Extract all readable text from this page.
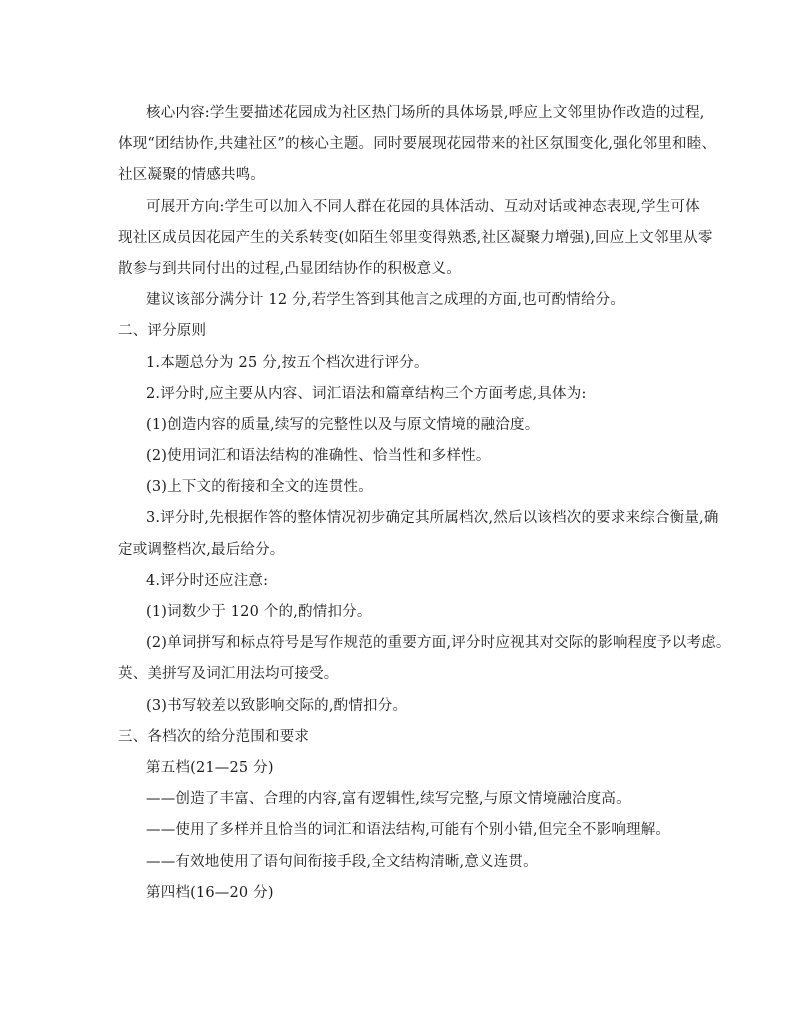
核心内容:学生要描述花园成为社区热门场所的具体场景,呼应上文邻里协作改造的过程,
体现“团结协作,共建社区”的核心主题。同时要展现花园带来的社区氛围变化,强化邻里和睦、
社区凝聚的情感共鸣。
可展开方向:学生可以加入不同人群在花园的具体活动、互动对话或神态表现,学生可体
现社区成员因花园产生的关系转变(如陌生邻里变得熟悉,社区凝聚力增强),回应上文邻里从零
散参与到共同付出的过程,凸显团结协作的积极意义。
建议该部分满分计 12 分,若学生答到其他言之成理的方面,也可酌情给分。
二、评分原则
1.本题总分为 25 分,按五个档次进行评分。
2.评分时,应主要从内容、词汇语法和篇章结构三个方面考虑,具体为:
(1)创造内容的质量,续写的完整性以及与原文情境的融洽度。
(2)使用词汇和语法结构的准确性、恰当性和多样性。
(3)上下文的衔接和全文的连贯性。
3.评分时,先根据作答的整体情况初步确定其所属档次,然后以该档次的要求来综合衡量,确
定或调整档次,最后给分。
4.评分时还应注意:
(1)词数少于 120 个的,酌情扣分。
(2)单词拼写和标点符号是写作规范的重要方面,评分时应视其对交际的影响程度予以考虑。
英、美拼写及词汇用法均可接受。
(3)书写较差以致影响交际的,酌情扣分。
三、各档次的给分范围和要求
第五档(21—25 分)
——创造了丰富、合理的内容,富有逻辑性,续写完整,与原文情境融洽度高。
——使用了多样并且恰当的词汇和语法结构,可能有个别小错,但完全不影响理解。
——有效地使用了语句间衔接手段,全文结构清晰,意义连贯。
第四档(16—20 分)
